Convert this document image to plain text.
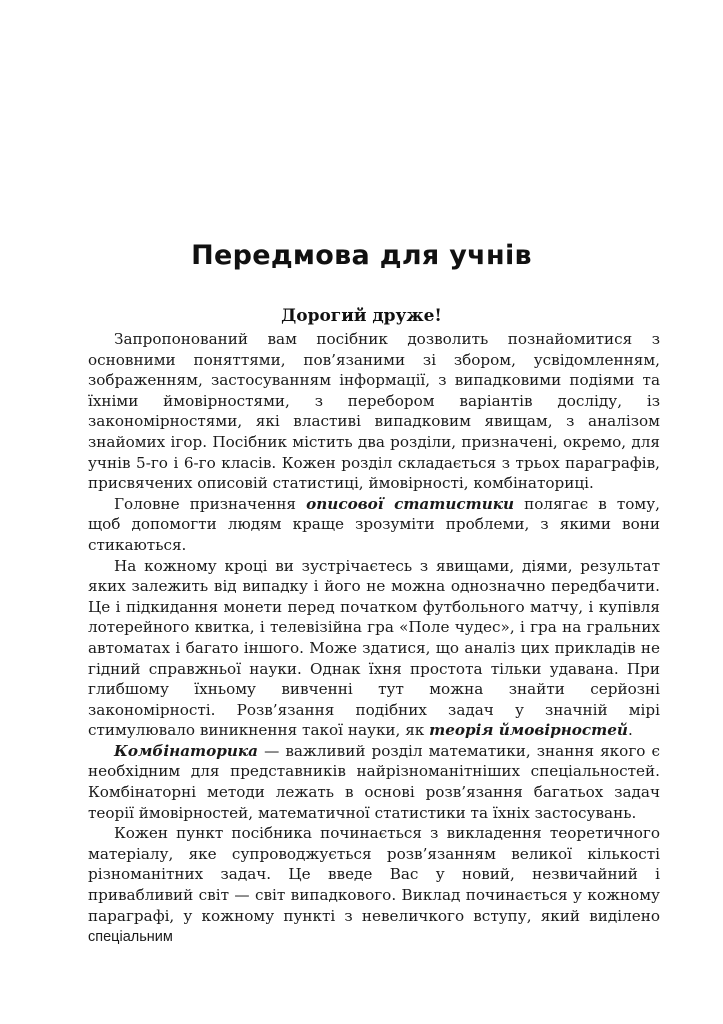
Передмова для учнів
Дорогий друже!

Запропонований вам посібник дозволить познайомитися з основними поняттями, пов’язаними зі збором, усвідомленням, зображенням, застосуванням інформації, з випадковими подіями та їхніми ймовірностями, з перебором варіантів досліду, із закономірностями, які властиві випадковим явищам, з аналізом знайомих ігор. Посібник містить два розділи, призначені, окремо, для учнів 5-го і 6-го класів. Кожен розділ складається з трьох параграфів, присвячених описовій статистиці, ймовірності, комбінаториці.

Головне призначення описової статистики полягає в тому, щоб допомогти людям краще зрозуміти проблеми, з якими вони стикаються.

На кожному кроці ви зустрічаєтесь з явищами, діями, результат яких залежить від випадку і його не можна однозначно передбачити. Це і підкидання монети перед початком футбольного матчу, і купівля лотерейного квитка, і телевізійна гра «Поле чудес», і гра на гральних автоматах і багато іншого. Може здатися, що аналіз цих прикладів не гідний справжньої науки. Однак їхня простота тільки удавана. При глибшому їхньому вивченні тут можна знайти серйозні закономірності. Розв’язання подібних задач у значній мірі стимулювало виникнення такої науки, як теорія ймовірностей.

Комбінаторика — важливий розділ математики, знання якого є необхідним для представників найрізноманітніших спеціальностей. Комбінаторні методи лежать в основі розв’язання багатьох задач теорії ймовірностей, математичної статистики та їхніх застосувань.

Кожен пункт посібника починається з викладення теоретичного матеріалу, яке супроводжується розв’язанням великої кількості різноманітних задач. Це введе Вас у новий, незвичайний і привабливий світ — світ випадкового. Виклад починається у кожному параграфі, у кожному пункті з невеличкого вступу, який виділено спеціальним
